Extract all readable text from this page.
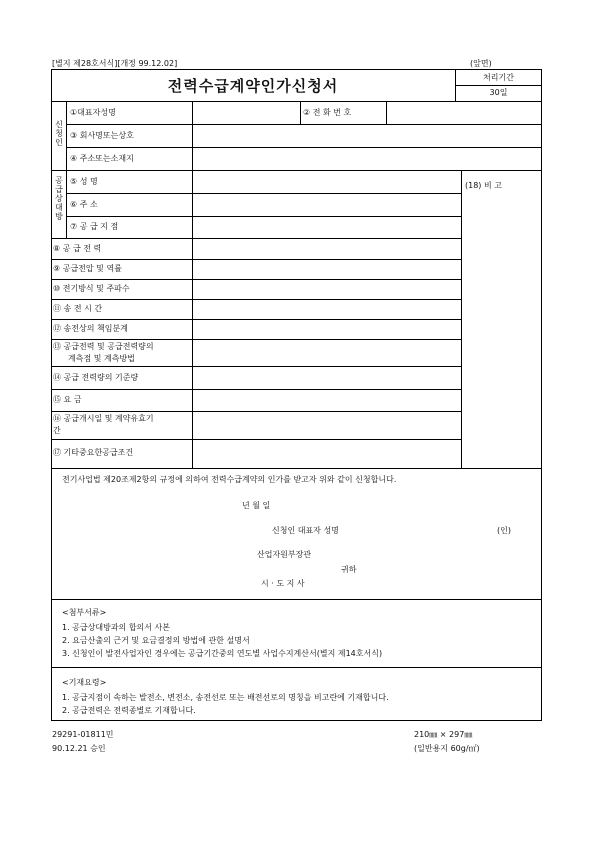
[별지 제28호서식][개정 99.12.02]	(앞면)
전력수급계약인가신청서	처리기간
30일
신청인
①대표자성명	② 전 화 번 호
③ 회사명또는상호
④ 주소또는소재지
공급상대방
⑤ 성 명
⑥ 주 소
⑦ 공 급 지 점
(18) 비 고
⑧ 공 급 전 력
⑨ 공급전압 및 역률
⑩ 전기방식 및 주파수
⑪ 송 전 시 간
⑫ 송전상의 책임분계
⑬ 공급전력 및 공급전력량의
계측점 및 계측방법
⑭ 공급 전력량의 기준량
⑮ 요 금
⑯ 공급개시일 및 계약유효기
간
⑰ 기타중요한공급조건
전기사업법 제20조제2항의 규정에 의하여 전력수급계약의 인가를 받고자 위와 같이 신청합니다.
년 월 일
신청인 대표자 성명	(인)
산업자원부장관
귀하
시 · 도 지 사
<첨부서류>
1. 공급상대방과의 합의서 사본
2. 요금산출의 근거 및 요금결정의 방법에 관한 설명서
3. 신청인이 발전사업자인 경우에는 공급기간중의 연도별 사업수지계산서(별지 제14호서식)
<기재요령>
1. 공급지점이 속하는 발전소, 변전소, 송전선로 또는 배전선로의 명칭을 비고란에 기재합니다.
2. 공급전력은 전력종별로 기재합니다.
29291-01811민
90.12.21 승인
210㎜ × 297㎜
(일반용지 60g/㎡)
